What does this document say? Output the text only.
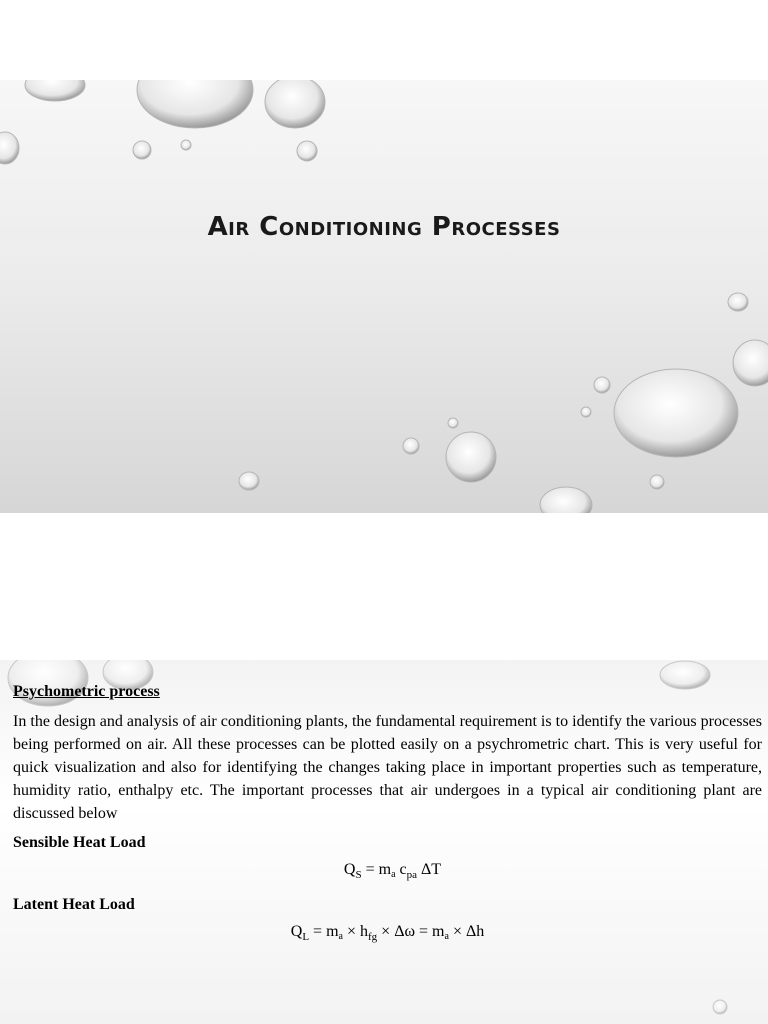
Air Conditioning Processes

Psychometric process

In the design and analysis of air conditioning plants, the fundamental requirement is to identify the various processes being performed on air. All these processes can be plotted easily on a psychrometric chart. This is very useful for quick visualization and also for identifying the changes taking place in important properties such as temperature, humidity ratio, enthalpy etc. The important processes that air undergoes in a typical air conditioning plant are discussed below

Sensible Heat Load

$Q_S = m_a$ $c_{pa}$ ΔT

Latent Heat Load

$Q_L = m_a \times h_{fg} \times \Delta\omega = m_a \times \Delta h$
